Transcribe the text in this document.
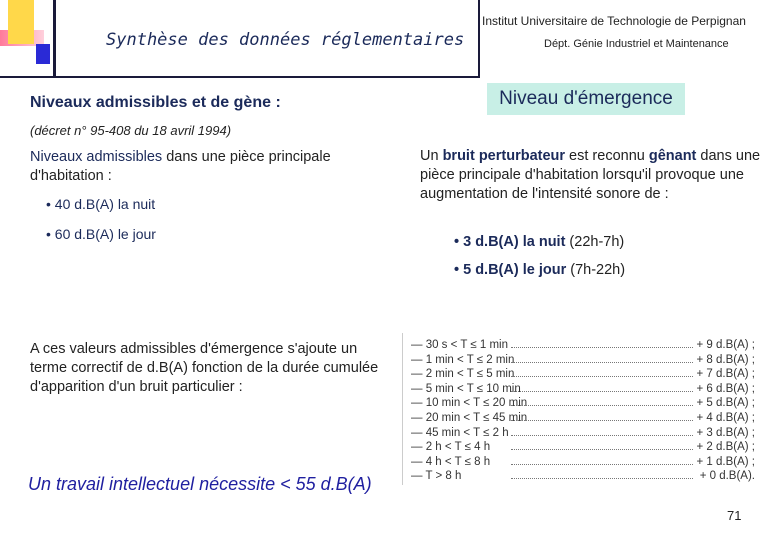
Synthèse des données réglementaires
Institut Universitaire de Technologie de Perpignan
Dépt. Génie Industriel et Maintenance
Niveaux admissibles et de gène :
(décret n° 95-408 du 18 avril 1994)
Niveaux admissibles dans une pièce principale d'habitation :
• 40 d.B(A) la nuit
• 60 d.B(A) le jour
A ces valeurs admissibles d'émergence s'ajoute un terme correctif de d.B(A) fonction de la durée cumulée d'apparition d'un bruit particulier :
Niveau d'émergence
Un bruit perturbateur est reconnu gênant dans une pièce principale d'habitation lorsqu'il provoque une augmentation de l'intensité sonore de :
• 3 d.B(A) la nuit (22h-7h)
• 5 d.B(A) le jour (7h-22h)
— 30 s < T ≤ 1 min	+ 9 d.B(A) ;
— 1 min < T ≤ 2 min	+ 8 d.B(A) ;
— 2 min < T ≤ 5 min	+ 7 d.B(A) ;
— 5 min < T ≤ 10 min	+ 6 d.B(A) ;
— 10 min < T ≤ 20 min	+ 5 d.B(A) ;
— 20 min < T ≤ 45 min	+ 4 d.B(A) ;
— 45 min < T ≤ 2 h	+ 3 d.B(A) ;
— 2 h < T ≤ 4 h	+ 2 d.B(A) ;
— 4 h < T ≤ 8 h	+ 1 d.B(A) ;
— T > 8 h	+ 0 d.B(A).
Un travail intellectuel nécessite < 55 d.B(A)
71
